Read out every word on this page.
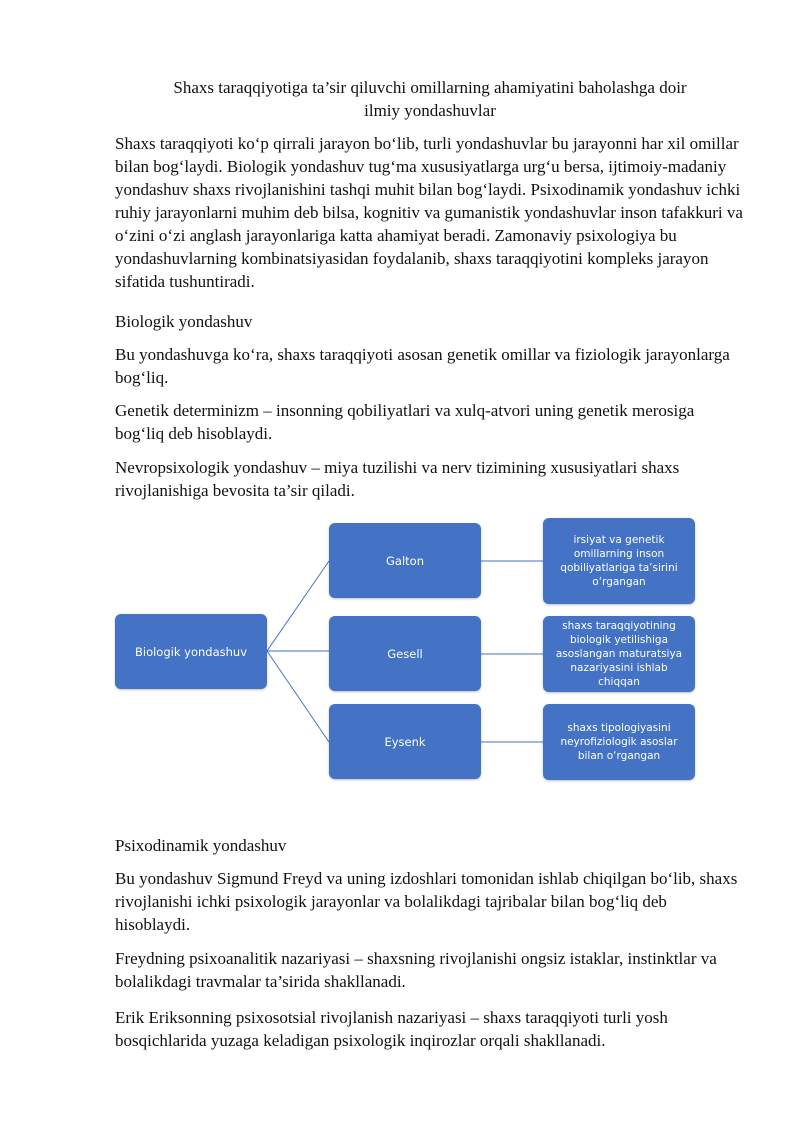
Shaxs taraqqiyotiga ta’sir qiluvchi omillarning ahamiyatini baholashga doir
ilmiy yondashuvlar

Shaxs taraqqiyoti ko‘p qirrali jarayon bo‘lib, turli yondashuvlar bu jarayonni har xil omillar bilan bog‘laydi. Biologik yondashuv tug‘ma xususiyatlarga urg‘u bersa, ijtimoiy-madaniy yondashuv shaxs rivojlanishini tashqi muhit bilan bog‘laydi. Psixodinamik yondashuv ichki ruhiy jarayonlarni muhim deb bilsa, kognitiv va gumanistik yondashuvlar inson tafakkuri va o‘zini o‘zi anglash jarayonlariga katta ahamiyat beradi. Zamonaviy psixologiya bu yondashuvlarning kombinatsiyasidan foydalanib, shaxs taraqqiyotini kompleks jarayon sifatida tushuntiradi.

Biologik yondashuv

Bu yondashuvga ko‘ra, shaxs taraqqiyoti asosan genetik omillar va fiziologik jarayonlarga bog‘liq.

Genetik determinizm – insonning qobiliyatlari va xulq-atvori uning genetik merosiga bog‘liq deb hisoblaydi.

Nevropsixologik yondashuv – miya tuzilishi va nerv tizimining xususiyatlari shaxs rivojlanishiga bevosita ta’sir qiladi.

Biologik yondashuv
Galton
Gesell
Eysenk
irsiyat va genetik omillarning inson qobiliyatlariga ta’sirini o‘rgangan
shaxs taraqqiyotining biologik yetilishiga asoslangan maturatsiya nazariyasini ishlab chiqqan
shaxs tipologiyasini neyrofiziologik asoslar bilan o‘rgangan
Psixodinamik yondashuv

Bu yondashuv Sigmund Freyd va uning izdoshlari tomonidan ishlab chiqilgan bo‘lib, shaxs rivojlanishi ichki psixologik jarayonlar va bolalikdagi tajribalar bilan bog‘liq deb hisoblaydi.

Freydning psixoanalitik nazariyasi – shaxsning rivojlanishi ongsiz istaklar, instinktlar va bolalikdagi travmalar ta’sirida shakllanadi.

Erik Eriksonning psixosotsial rivojlanish nazariyasi – shaxs taraqqiyoti turli yosh bosqichlarida yuzaga keladigan psixologik inqirozlar orqali shakllanadi.
